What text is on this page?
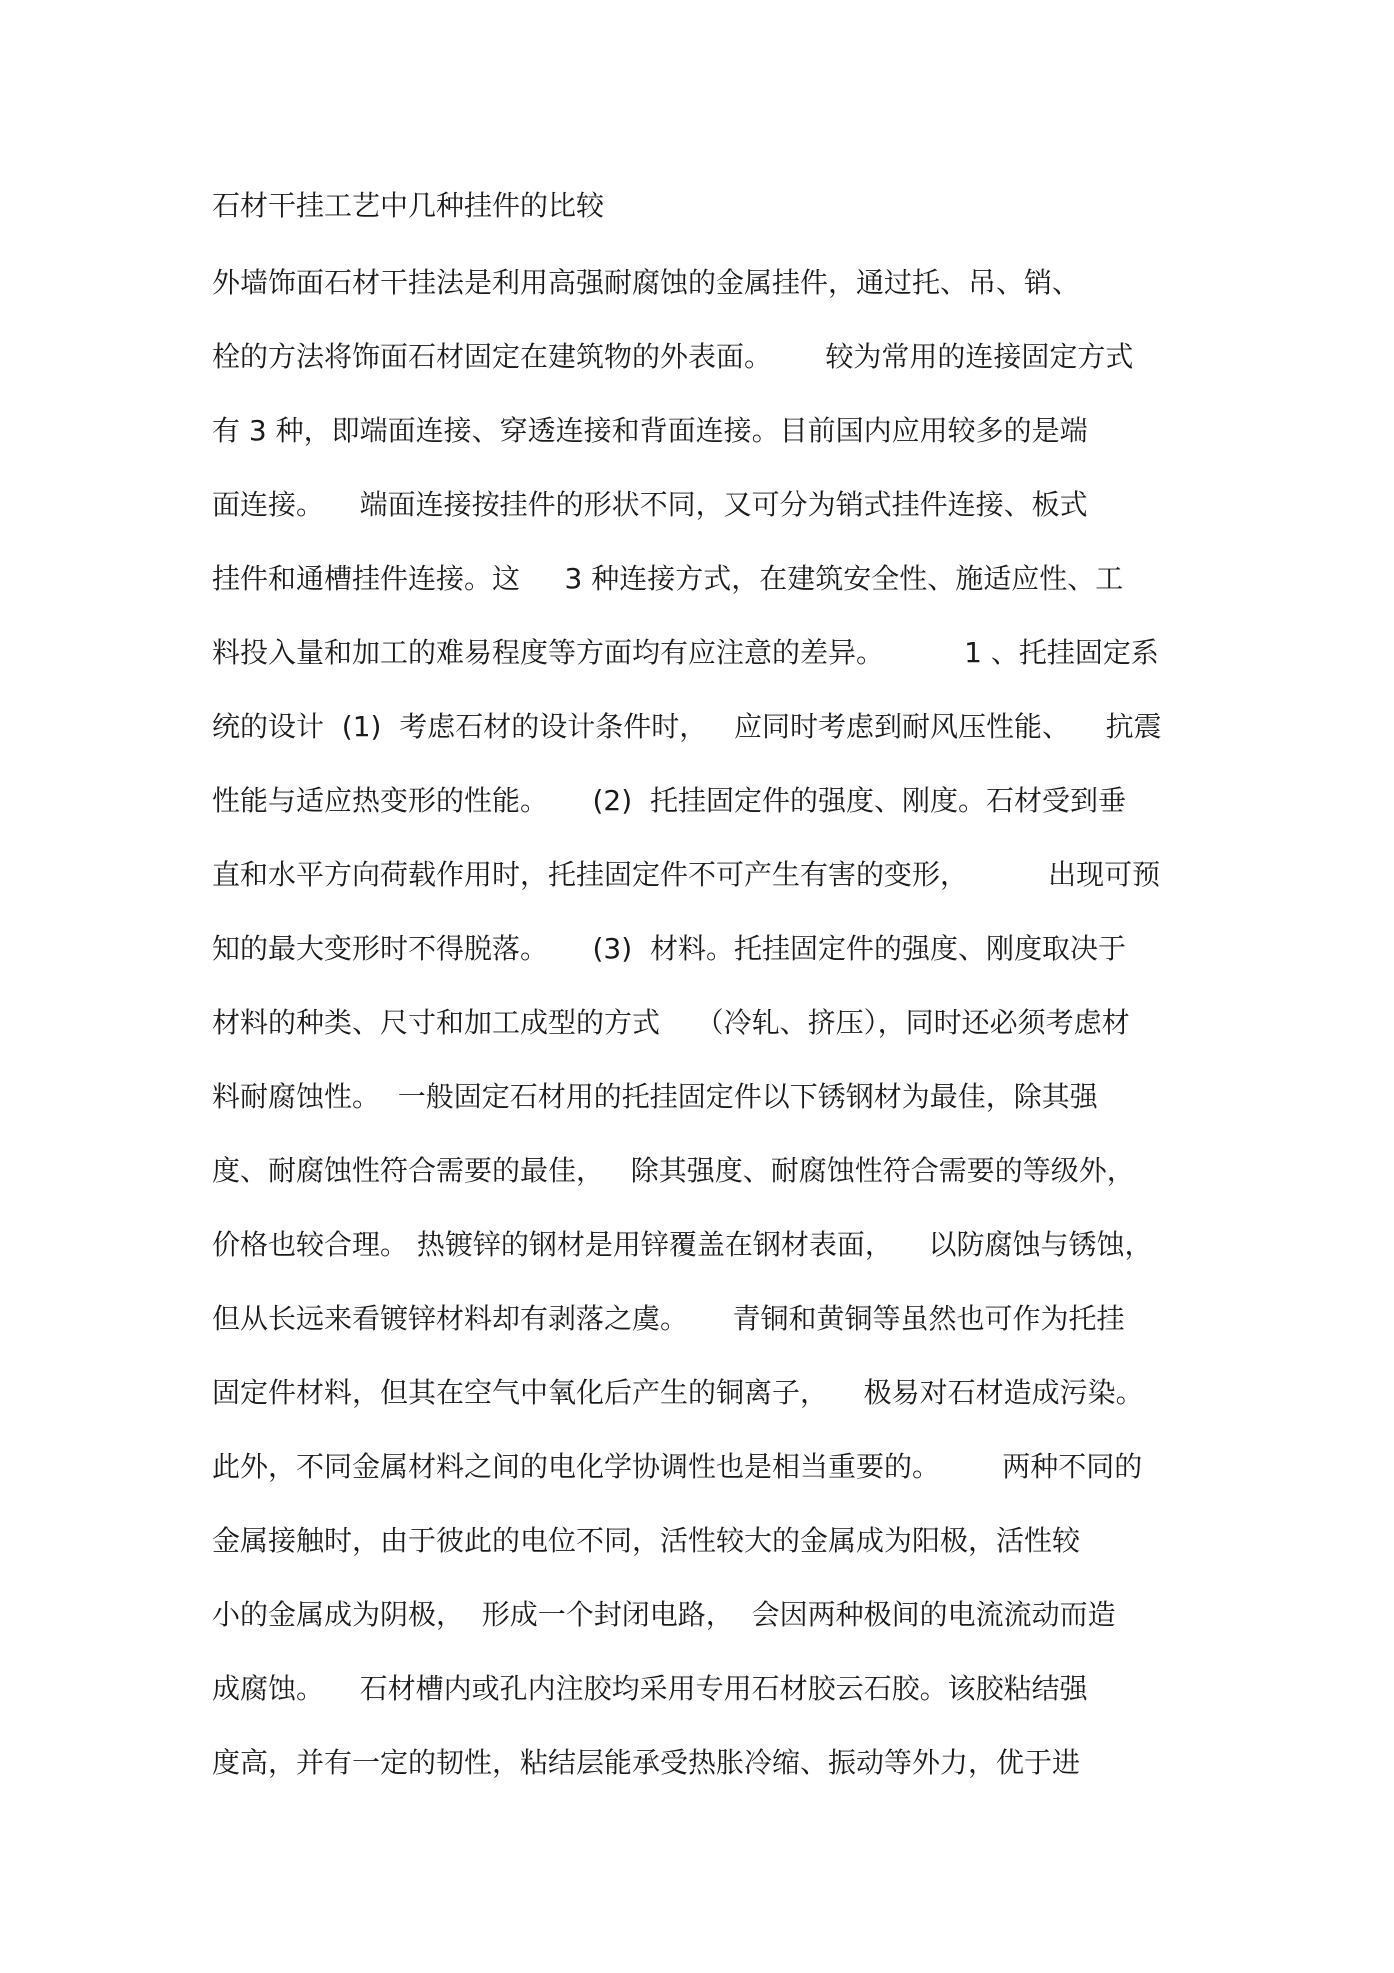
石材干挂工艺中几种挂件的比较
外墙饰面石材干挂法是利用高强耐腐蚀的金属挂件，通过托、吊、销、
栓的方法将饰面石材固定在建筑物的外表面。      较为常用的连接固定方式
有 3 种，即端面连接、穿透连接和背面连接。目前国内应用较多的是端
面连接。    端面连接按挂件的形状不同，又可分为销式挂件连接、板式
挂件和通槽挂件连接。这     3 种连接方式，在建筑安全性、施适应性、工
料投入量和加工的难易程度等方面均有应注意的差异。         1 、托挂固定系
统的设计  (1)  考虑石材的设计条件时，   应同时考虑到耐风压性能、    抗震
性能与适应热变形的性能。     (2)  托挂固定件的强度、刚度。石材受到垂
直和水平方向荷载作用时，托挂固定件不可产生有害的变形，         出现可预
知的最大变形时不得脱落。     (3)  材料。托挂固定件的强度、刚度取决于
材料的种类、尺寸和加工成型的方式    （冷轧、挤压），同时还必须考虑材
料耐腐蚀性。  一般固定石材用的托挂固定件以下锈钢材为最佳，除其强
度、耐腐蚀性符合需要的最佳，   除其强度、耐腐蚀性符合需要的等级外，
价格也较合理。 热镀锌的钢材是用锌覆盖在钢材表面，    以防腐蚀与锈蚀，
但从长远来看镀锌材料却有剥落之虞。     青铜和黄铜等虽然也可作为托挂
固定件材料，但其在空气中氧化后产生的铜离子，    极易对石材造成污染。
此外，不同金属材料之间的电化学协调性也是相当重要的。       两种不同的
金属接触时，由于彼此的电位不同，活性较大的金属成为阳极，活性较
小的金属成为阴极，  形成一个封闭电路，  会因两种极间的电流流动而造
成腐蚀。    石材槽内或孔内注胶均采用专用石材胶云石胶。该胶粘结强
度高，并有一定的韧性，粘结层能承受热胀冷缩、振动等外力，优于进
